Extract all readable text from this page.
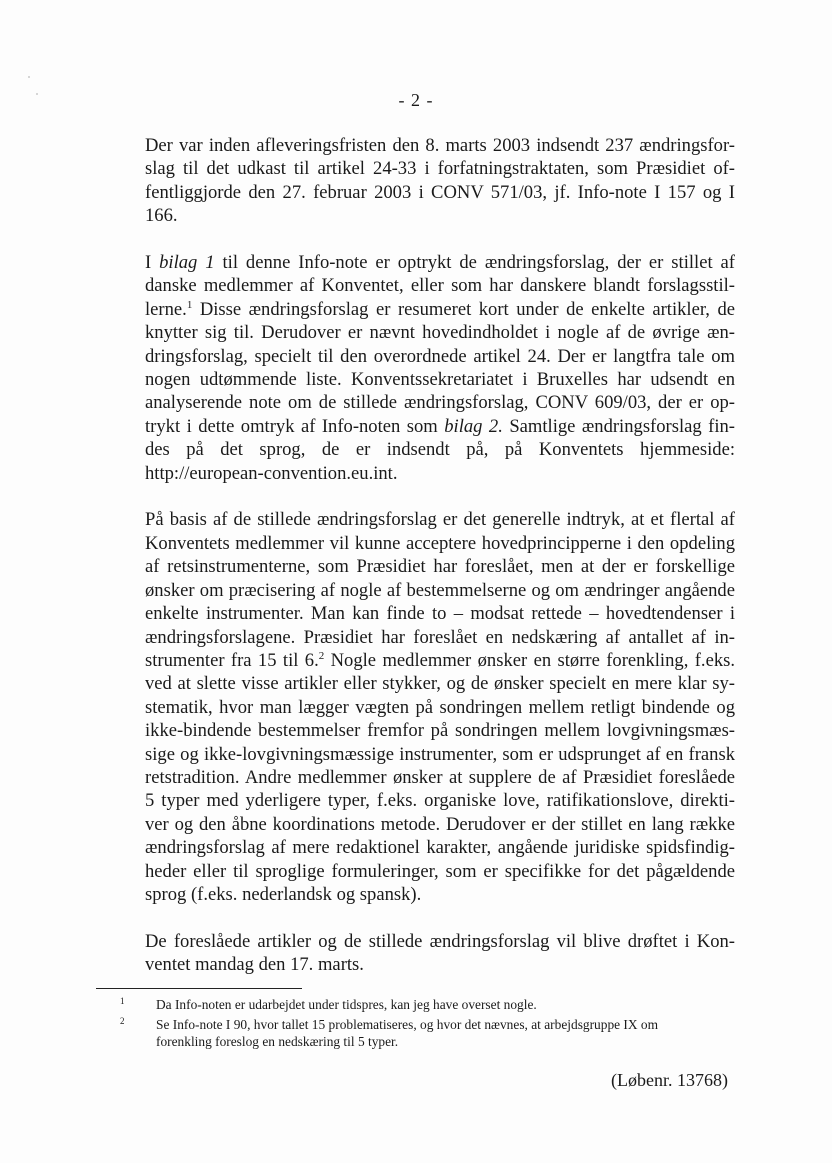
- 2 -

Der var inden afleveringsfristen den 8. marts 2003 indsendt 237 ændringsfor-
slag til det udkast til artikel 24-33 i forfatningstraktaten, som Præsidiet of-
fentliggjorde den 27. februar 2003 i CONV 571/03, jf. Info-note I 157 og I
166.

I bilag 1 til denne Info-note er optrykt de ændringsforslag, der er stillet af
danske medlemmer af Konventet, eller som har danskere blandt forslagsstil-
lerne.$^1$ Disse ændringsforslag er resumeret kort under de enkelte artikler, de
knytter sig til. Derudover er nævnt hovedindholdet i nogle af de øvrige æn-
dringsforslag, specielt til den overordnede artikel 24. Der er langtfra tale om
nogen udtømmende liste. Konventssekretariatet i Bruxelles har udsendt en
analyserende note om de stillede ændringsforslag, CONV 609/03, der er op-
trykt i dette omtryk af Info-noten som bilag 2. Samtlige ændringsforslag fin-
des på det sprog, de er indsendt på, på Konventets hjemmeside:
http://european-convention.eu.int.

På basis af de stillede ændringsforslag er det generelle indtryk, at et flertal af
Konventets medlemmer vil kunne acceptere hovedprincipperne i den opdeling
af retsinstrumenterne, som Præsidiet har foreslået, men at der er forskellige
ønsker om præcisering af nogle af bestemmelserne og om ændringer angående
enkelte instrumenter. Man kan finde to – modsat rettede – hovedtendenser i
ændringsforslagene. Præsidiet har foreslået en nedskæring af antallet af in-
strumenter fra 15 til 6.$^2$ Nogle medlemmer ønsker en større forenkling, f.eks.
ved at slette visse artikler eller stykker, og de ønsker specielt en mere klar sy-
stematik, hvor man lægger vægten på sondringen mellem retligt bindende og
ikke-bindende bestemmelser fremfor på sondringen mellem lovgivningsmæs-
sige og ikke-lovgivningsmæssige instrumenter, som er udsprunget af en fransk
retstradition. Andre medlemmer ønsker at supplere de af Præsidiet foreslåede
5 typer med yderligere typer, f.eks. organiske love, ratifikationslove, direkti-
ver og den åbne koordinations metode. Derudover er der stillet en lang række
ændringsforslag af mere redaktionel karakter, angående juridiske spidsfindig-
heder eller til sproglige formuleringer, som er specifikke for det pågældende
sprog (f.eks. nederlandsk og spansk).

De foreslåede artikler og de stillede ændringsforslag vil blive drøftet i Kon-
ventet mandag den 17. marts.

1 Da Info-noten er udarbejdet under tidspres, kan jeg have overset nogle.
2 Se Info-note I 90, hvor tallet 15 problematiseres, og hvor det nævnes, at arbejdsgruppe IX om
forenkling foreslog en nedskæring til 5 typer.
(Løbenr. 13768)
